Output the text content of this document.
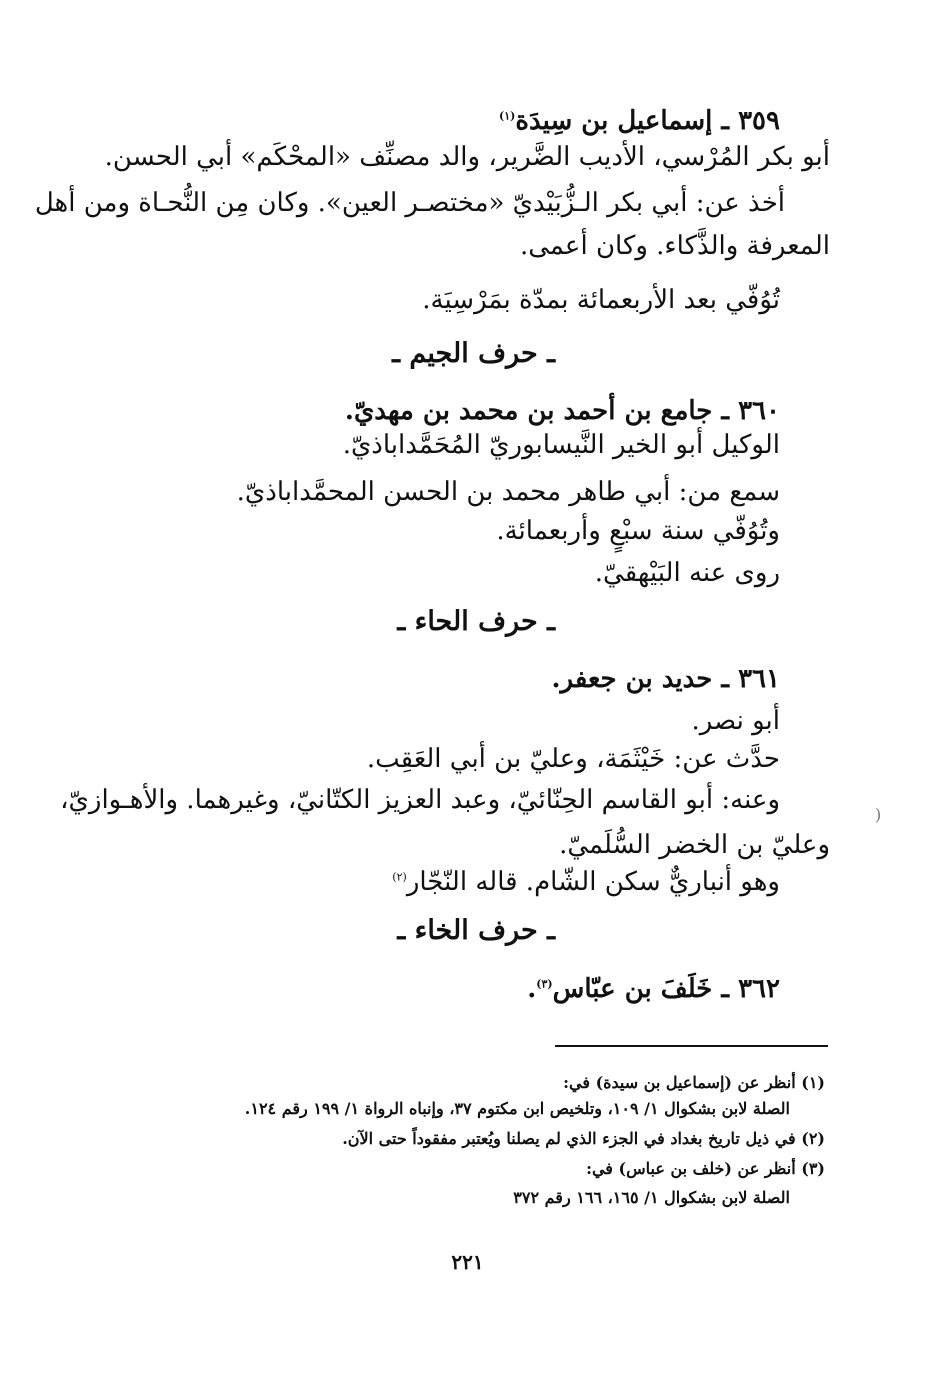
٣٥٩ ـ إسماعيل بن سِيدَة$^{(١)}$
أبو بكر المُرْسي، الأديب الضَّرير، والد مصنِّف «المحْكَم» أبي الحسن.
أخذ عن: أبي بكر الـزُّبَيْديّ «مختصـر العين». وكان مِن النُّحـاة ومن أهل
المعرفة والذَّكاء. وكان أعمى.
تُوُفّي بعد الأربعمائة بمدّة بمَرْسِيَة.
ـ حرف الجيم ـ
٣٦٠ ـ جامع بن أحمد بن محمد بن مهديّ.
الوكيل أبو الخير النَّيسابوريّ المُحَمَّداباذيّ.
سمع من: أبي طاهر محمد بن الحسن المحمَّداباذيّ.
وتُوُفّي سنة سبْعٍ وأربعمائة.
روى عنه البَيْهقيّ.
ـ حرف الحاء ـ
٣٦١ ـ حديد بن جعفر.
أبو نصر.
حدَّث عن: خَيْثَمَة، وعليّ بن أبي العَقِب.
وعنه: أبو القاسم الحِنّائيّ، وعبد العزيز الكتّانيّ، وغيرهما. والأهـوازيّ،
وعليّ بن الخضر السُّلَميّ.
وهو أنباريٌّ سكن الشّام. قاله النّجّار$^{(٢)}$
ـ حرف الخاء ـ
٣٦٢ ـ خَلَفَ بن عبّاس$^{(٣)}$.
(١) أنظر عن (إسماعيل بن سيدة) في:
الصلة لابن بشكوال ١/ ١٠٩، وتلخيص ابن مكتوم ٣٧، وإنباه الرواة ١/ ١٩٩ رقم ١٢٤.
(٢) في ذيل تاريخ بغداد في الجزء الذي لم يصلنا ويُعتبر مفقوداً حتى الآن.
(٣) أنظر عن (خلف بن عباس) في:
الصلة لابن بشكوال ١/ ١٦٥، ١٦٦ رقم ٣٧٢
٢٢١
(
